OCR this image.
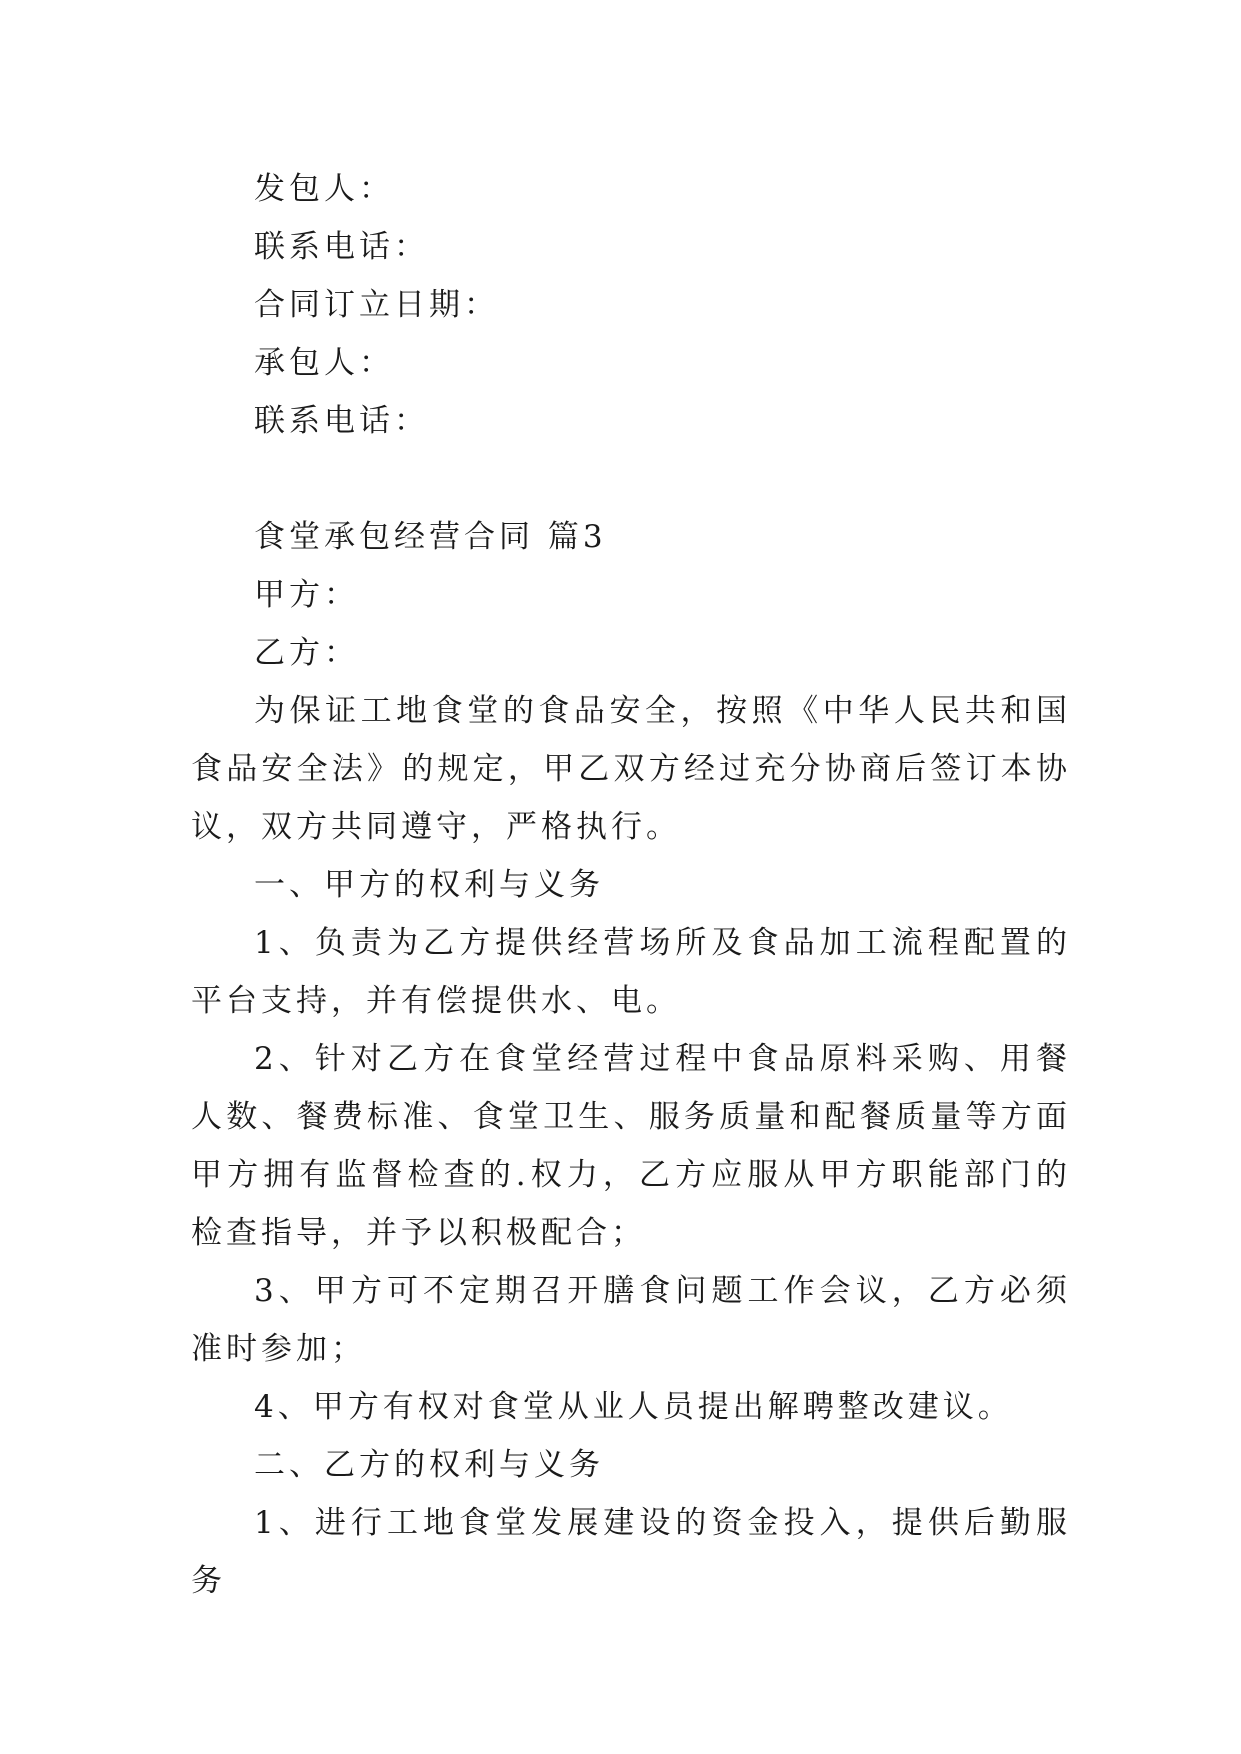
发包人：
联系电话：
合同订立日期：
承包人：
联系电话：
食堂承包经营合同 篇3
甲方：
乙方：

为保证工地食堂的食品安全，按照《中华人民共和国食品安全法》的规定，甲乙双方经过充分协商后签订本协议，双方共同遵守，严格执行。

一、甲方的权利与义务

1、负责为乙方提供经营场所及食品加工流程配置的平台支持，并有偿提供水、电。

2、针对乙方在食堂经营过程中食品原料采购、用餐人数、餐费标准、食堂卫生、服务质量和配餐质量等方面甲方拥有监督检查的.权力，乙方应服从甲方职能部门的检查指导，并予以积极配合；

3、甲方可不定期召开膳食问题工作会议，乙方必须准时参加；

4、甲方有权对食堂从业人员提出解聘整改建议。

二、乙方的权利与义务

1、进行工地食堂发展建设的资金投入，提供后勤服务
